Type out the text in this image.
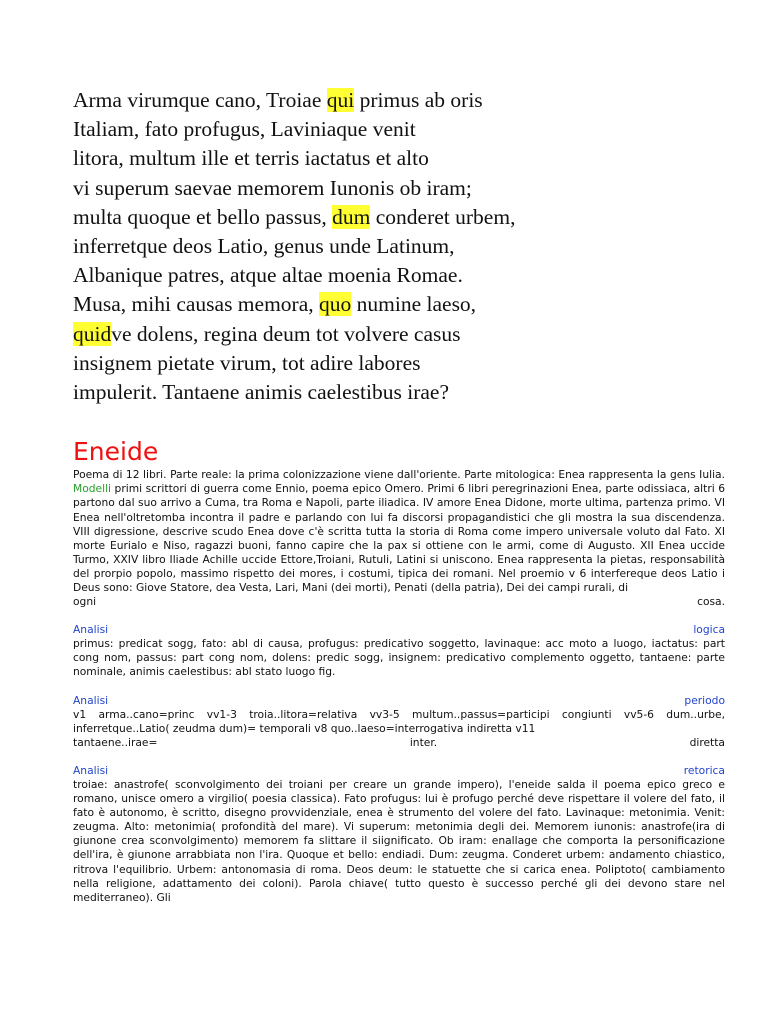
Arma virumque cano, Troiae qui primus ab oris
Italiam, fato profugus, Laviniaque venit
litora, multum ille et terris iactatus et alto
vi superum saevae memorem Iunonis ob iram;
multa quoque et bello passus, dum conderet urbem,
inferretque deos Latio, genus unde Latinum,
Albanique patres, atque altae moenia Romae.
Musa, mihi causas memora, quo numine laeso,
quidve dolens, regina deum tot volvere casus
insignem pietate virum, tot adire labores
impulerit. Tantaene animis caelestibus irae?
Eneide
Poema di 12 libri. Parte reale: la prima colonizzazione viene dall'oriente. Parte mitologica: Enea rappresenta la gens Iulia. Modelli primi scrittori di guerra come Ennio, poema epico Omero. Primi 6 libri peregrinazioni Enea, parte odissiaca, altri 6 partono dal suo arrivo a Cuma, tra Roma e Napoli, parte iliadica. IV amore Enea Didone, morte ultima, partenza primo. VI Enea nell'oltretomba incontra il padre e parlando con lui fa discorsi propagandistici che gli mostra la sua discendenza. VIII digressione, descrive scudo Enea dove c'è scritta tutta la storia di Roma come impero universale voluto dal Fato. XI morte Eurialo e Niso, ragazzi buoni, fanno capire che la pax si ottiene con le armi, come di Augusto. XII Enea uccide Turmo, XXIV libro Iliade Achille uccide Ettore,Troiani, Rutuli, Latini si uniscono. Enea rappresenta la pietas, responsabilità del prorpio popolo, massimo rispetto dei mores, i costumi, tipica dei romani. Nel proemio v 6 interfereque deos Latio i Deus sono: Giove Statore, dea Vesta, Lari, Mani (dei morti), Penati (della patria), Dei dei campi rurali, di
ogni	cosa.
Analisi	logica
primus: predicat sogg, fato: abl di causa, profugus: predicativo soggetto, lavinaque: acc moto a luogo, iactatus: part cong nom, passus: part cong nom, dolens: predic sogg, insignem: predicativo complemento oggetto, tantaene: parte nominale, animis caelestibus: abl stato luogo fig.
Analisi	periodo
v1 arma..cano=princ vv1-3 troia..litora=relativa vv3-5 multum..passus=participi congiunti vv5-6 dum..urbe, inferretque..Latio( zeudma dum)= temporali v8 quo..laeso=interrogativa indiretta v11
tantaene..irae=	inter.	diretta
Analisi	retorica
troiae: anastrofe( sconvolgimento dei troiani per creare un grande impero), l'eneide salda il poema epico greco e romano, unisce omero a virgilio( poesia classica). Fato profugus: lui è profugo perché deve rispettare il volere del fato, il fato è autonomo, è scritto, disegno provvidenziale, enea è strumento del volere del fato. Lavinaque: metonimia. Venit: zeugma. Alto: metonimia( profondità del mare). Vi superum: metonimia degli dei. Memorem iunonis: anastrofe(ira di giunone crea sconvolgimento) memorem fa slittare il siignificato. Ob iram: enallage che comporta la personificazione dell'ira, è giunone arrabbiata non l'ira. Quoque et bello: endiadi. Dum: zeugma. Conderet urbem: andamento chiastico, ritrova l'equilibrio. Urbem: antonomasia di roma. Deos deum: le statuette che si carica enea. Poliptoto( cambiamento nella religione, adattamento dei coloni). Parola chiave( tutto questo è successo perché gli dei devono stare nel mediterraneo). Gli
